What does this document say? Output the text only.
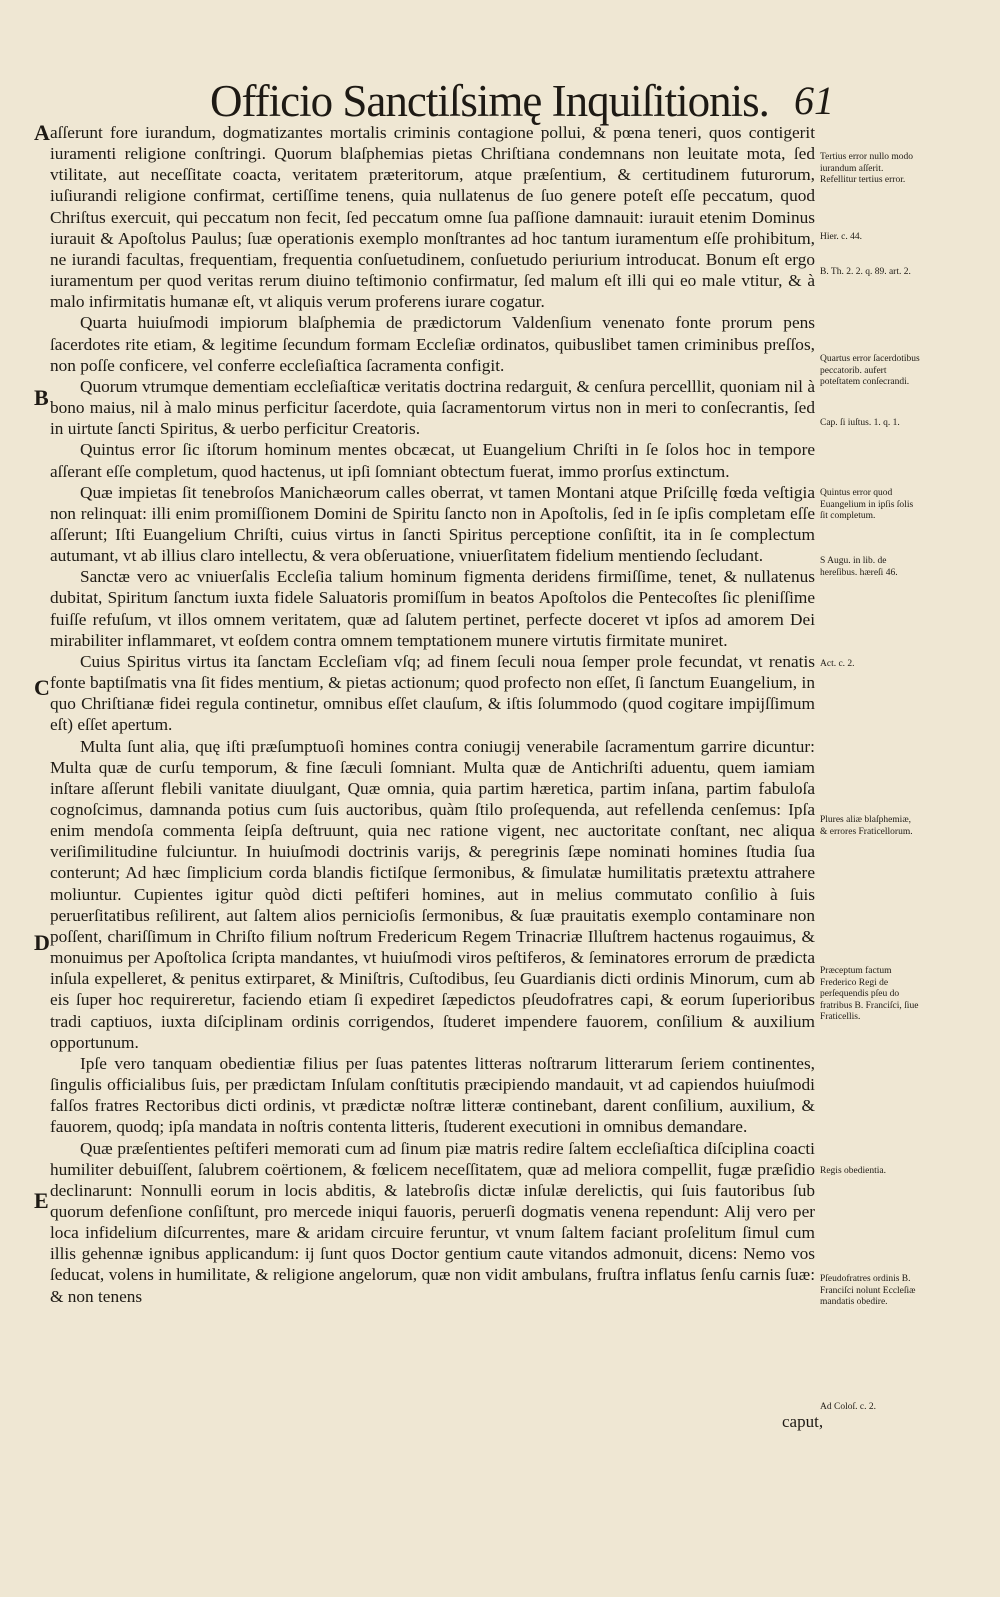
Officio Sanctiſsimę Inquiſitionis. 61

aſſerunt fore iurandum, dogmatizantes mortalis criminis contagione pollui, & pœna teneri, quos contigerit iuramenti religione conſtringi. Quorum blaſphemias pietas Chriſtiana condemnans non leuitate mota, ſed vtilitate, aut neceſſitate coacta, veritatem præteritorum, atque præſentium, & certitudinem futurorum, iuſiurandi religione confirmat, certiſſime tenens, quia nullatenus de ſuo genere poteſt eſſe peccatum, quod Chriſtus exercuit, qui peccatum non fecit, ſed peccatum omne ſua paſſione damnauit: iurauit etenim Dominus iurauit & Apoſtolus Paulus; ſuæ operationis exemplo monſtrantes ad hoc tantum iuramentum eſſe prohibitum, ne iurandi facultas, frequentiam, frequentia conſuetudinem, conſuetudo periurium introducat. Bonum eſt ergo iuramentum per quod veritas rerum diuino teſtimonio confirmatur, ſed malum eſt illi qui eo male vtitur, & à malo infirmitatis humanæ eſt, vt aliquis verum proferens iurare cogatur.

Quarta huiuſmodi impiorum blaſphemia de prædictorum Valdenſium venenato fonte prorum pens ſacerdotes rite etiam, & legitime ſecundum formam Eccleſiæ ordinatos, quibuslibet tamen criminibus preſſos, non poſſe conficere, vel conferre eccleſiaſtica ſacramenta configit.

Quorum vtrumque dementiam eccleſiaſticæ veritatis doctrina redarguit, & cenſura percelllit, quoniam nil à bono maius, nil à malo minus perficitur ſacerdote, quia ſacramentorum virtus non in meri to conſecrantis, ſed in uirtute ſancti Spiritus, & uerbo perficitur Creatoris.

Quintus error ſic iſtorum hominum mentes obcæcat, ut Euangelium Chriſti in ſe ſolos hoc in tempore aſſerant eſſe completum, quod hactenus, ut ipſi ſomniant obtectum fuerat, immo prorſus extinctum.

Quæ impietas ſit tenebroſos Manichæorum calles oberrat, vt tamen Montani atque Priſcillę fœda veſtigia non relinquat: illi enim promiſſionem Domini de Spiritu ſancto non in Apoſtolis, ſed in ſe ipſis completam eſſe aſſerunt; Iſti Euangelium Chriſti, cuius virtus in ſancti Spiritus perceptione conſiſtit, ita in ſe complectum autumant, vt ab illius claro intellectu, & vera obſeruatione, vniuerſitatem fidelium mentiendo ſecludant.

Sanctæ vero ac vniuerſalis Eccleſia talium hominum figmenta deridens firmiſſime, tenet, & nullatenus dubitat, Spiritum ſanctum iuxta fidele Saluatoris promiſſum in beatos Apoſtolos die Pentecoſtes ſic pleniſſime fuiſſe refuſum, vt illos omnem veritatem, quæ ad ſalutem pertinet, perfecte doceret vt ipſos ad amorem Dei mirabiliter inflammaret, vt eoſdem contra omnem temptationem munere virtutis firmitate muniret.

Cuius Spiritus virtus ita ſanctam Eccleſiam vſq; ad finem ſeculi noua ſemper prole fecundat, vt renatis fonte baptiſmatis vna ſit fides mentium, & pietas actionum; quod profecto non eſſet, ſi ſanctum Euangelium, in quo Chriſtianæ fidei regula continetur, omnibus eſſet clauſum, & iſtis ſolummodo (quod cogitare impijſſimum eſt) eſſet apertum.

Multa ſunt alia, quę iſti præſumptuoſi homines contra coniugij venerabile ſacramentum garrire dicuntur: Multa quæ de curſu temporum, & fine ſæculi ſomniant. Multa quæ de Antichriſti aduentu, quem iamiam inſtare aſſerunt flebili vanitate diuulgant, Quæ omnia, quia partim hæretica, partim inſana, partim fabuloſa cognoſcimus, damnanda potius cum ſuis auctoribus, quàm ſtilo proſequenda, aut refellenda cenſemus: Ipſa enim mendoſa commenta ſeipſa deſtruunt, quia nec ratione vigent, nec auctoritate conſtant, nec aliqua veriſimilitudine fulciuntur. In huiuſmodi doctrinis varijs, & peregrinis ſæpe nominati homines ſtudia ſua conterunt; Ad hæc ſimplicium corda blandis fictiſque ſermonibus, & ſimulatæ humilitatis prætextu attrahere moliuntur. Cupientes igitur quòd dicti peſtiferi homines, aut in melius commutato conſilio à ſuis peruerſitatibus reſilirent, aut ſaltem alios pernicioſis ſermonibus, & ſuæ prauitatis exemplo contaminare non poſſent, chariſſimum in Chriſto filium noſtrum Fredericum Regem Trinacriæ Illuſtrem hactenus rogauimus, & monuimus per Apoſtolica ſcripta mandantes, vt huiuſmodi viros peſtiferos, & ſeminatores errorum de prædicta inſula expelleret, & penitus extirparet, & Miniſtris, Cuſtodibus, ſeu Guardianis dicti ordinis Minorum, cum ab eis ſuper hoc requireretur, faciendo etiam ſi expediret ſæpedictos pſeudofratres capi, & eorum ſuperioribus tradi captiuos, iuxta diſciplinam ordinis corrigendos, ſtuderet impendere fauorem, conſilium & auxilium opportunum.

Ipſe vero tanquam obedientiæ filius per ſuas patentes litteras noſtrarum litterarum ſeriem continentes, ſingulis officialibus ſuis, per prædictam Inſulam conſtitutis præcipiendo mandauit, vt ad capiendos huiuſmodi falſos fratres Rectoribus dicti ordinis, vt prædictæ noſtræ litteræ continebant, darent conſilium, auxilium, & fauorem, quodq; ipſa mandata in noſtris contenta litteris, ſtuderent executioni in omnibus demandare.

Quæ præſentientes peſtiferi memorati cum ad ſinum piæ matris redire ſaltem eccleſiaſtica diſciplina coacti humiliter debuiſſent, ſalubrem coërtionem, & fœlicem neceſſitatem, quæ ad meliora compellit, fugæ præſidio declinarunt: Nonnulli eorum in locis abditis, & latebroſis dictæ inſulæ derelictis, qui ſuis fautoribus ſub quorum defenſione conſiſtunt, pro mercede iniqui fauoris, peruerſi dogmatis venena rependunt: Alij vero per loca infidelium diſcurrentes, mare & aridam circuire feruntur, vt vnum ſaltem faciant proſelitum ſimul cum illis gehennæ ignibus applicandum: ij ſunt quos Doctor gentium caute vitandos admonuit, dicens: Nemo vos ſeducat, volens in humilitate, & religione angelorum, quæ non vidit ambulans, fruſtra inflatus ſenſu carnis ſuæ: & non tenens

caput,
A
B
C
D
E
Tertius error nullo modo iurandum aſſerit. Refellitur tertius error.
Hier. c. 44.
B. Th. 2. 2. q. 89. art. 2.
Quartus error ſacerdotibus peccatorib. aufert poteſtatem conſecrandi.
Cap. ſi iuſtus. 1. q. 1.
Quintus error quod Euangelium in ipſis ſolis ſit completum.
S Augu. in lib. de hereſibus. hæreſi 46.
Act. c. 2.
Plures aliæ blaſphemiæ, & errores Fraticellorum.
Præceptum factum Frederico Regi de perſequendis pſeu do fratribus B. Franciſci, ſiue Fraticellis.
Regis obedientia.
Pſeudofratres ordinis B. Franciſci nolunt Eccleſiæ mandatis obedire.
Ad Coloſ. c. 2.
